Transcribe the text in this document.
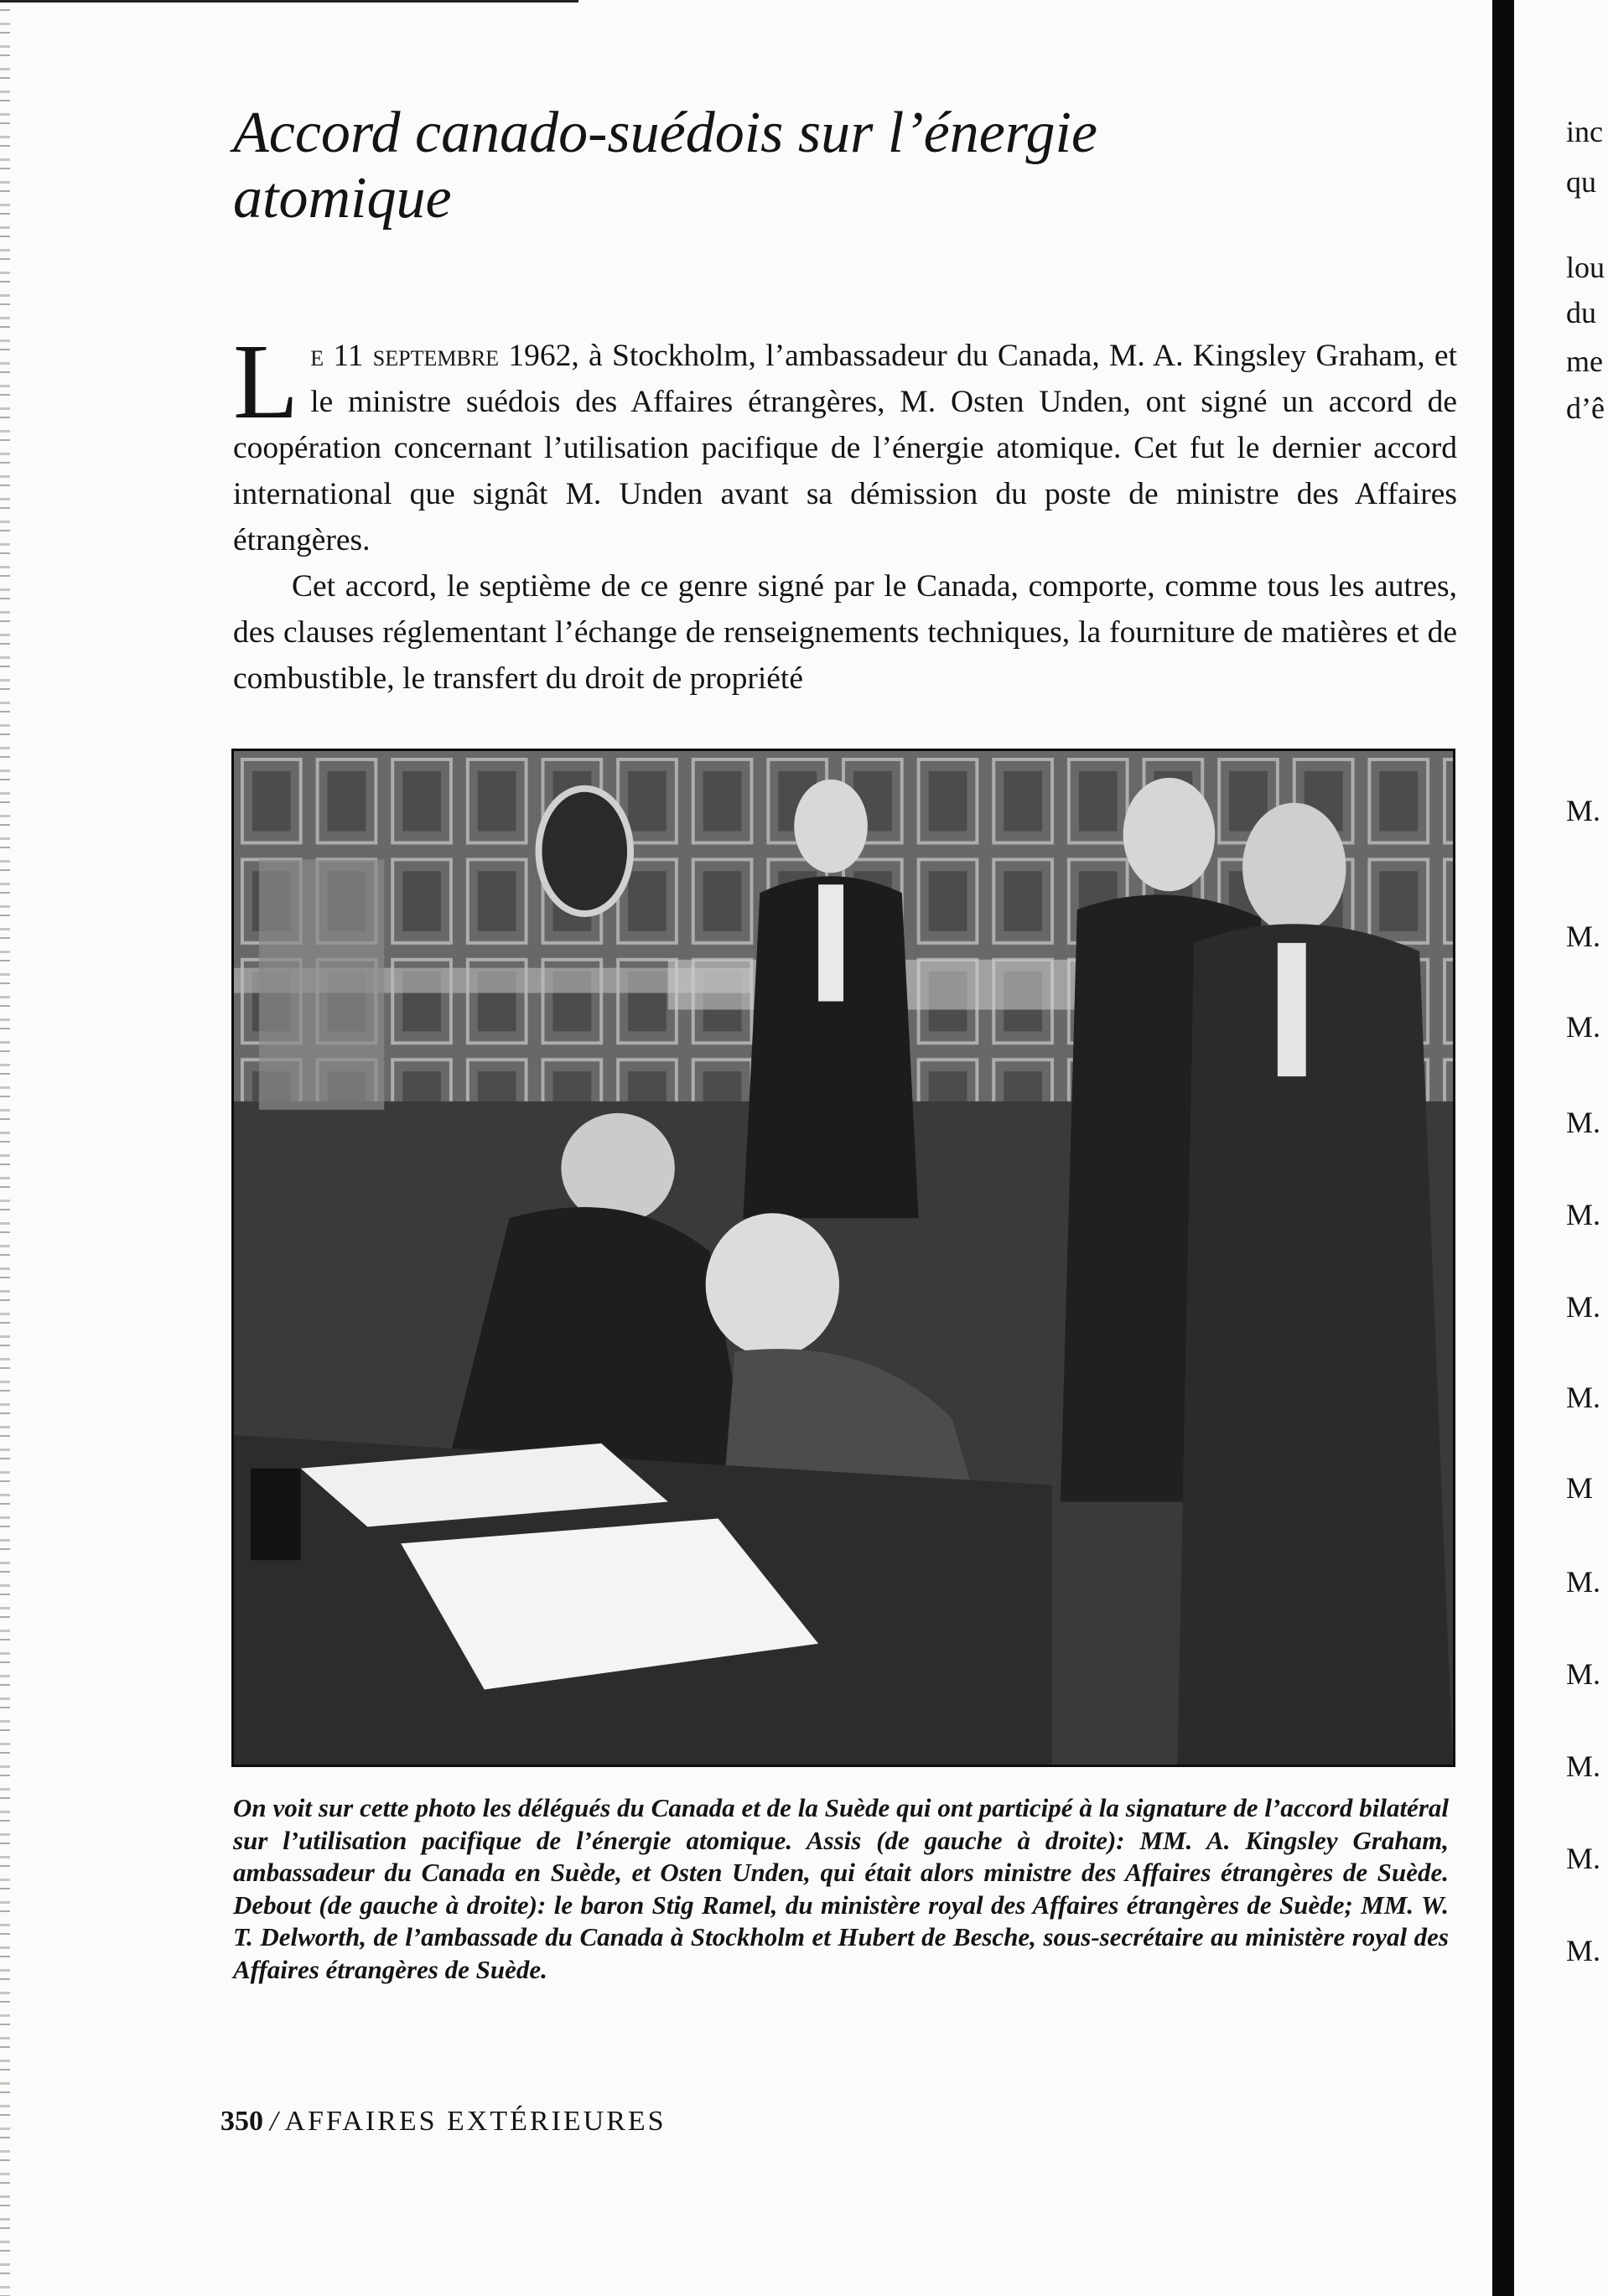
Accord canado-suédois sur l’énergie
atomique

Le 11 septembre 1962, à Stockholm, l’ambassadeur du Canada, M. A. Kingsley Graham, et le ministre suédois des Affaires étrangères, M. Osten Unden, ont signé un accord de coopération concernant l’utilisation pacifique de l’énergie atomique. Cet fut le dernier accord international que signât M. Unden avant sa démission du poste de ministre des Affaires étrangères.

Cet accord, le septième de ce genre signé par le Canada, comporte, comme tous les autres, des clauses réglementant l’échange de renseignements techniques, la fourniture de matières et de combustible, le transfert du droit de propriété

On voit sur cette photo les délégués du Canada et de la Suède qui ont participé à la signature de l’accord bilatéral sur l’utilisation pacifique de l’énergie atomique. Assis (de gauche à droite): MM. A. Kingsley Graham, ambassadeur du Canada en Suède, et Osten Unden, qui était alors ministre des Affaires étrangères de Suède. Debout (de gauche à droite): le baron Stig Ramel, du ministère royal des Affaires étrangères de Suède; MM. W. T. Delworth, de l’ambassade du Canada à Stockholm et Hubert de Besche, sous-secrétaire au ministère royal des Affaires étrangères de Suède.

350 / AFFAIRES EXTÉRIEURES
inc
qu
lou
du
me
d’ê
M.
M.
M.
M.
M.
M.
M.
M
M.
M.
M.
M.
M.
